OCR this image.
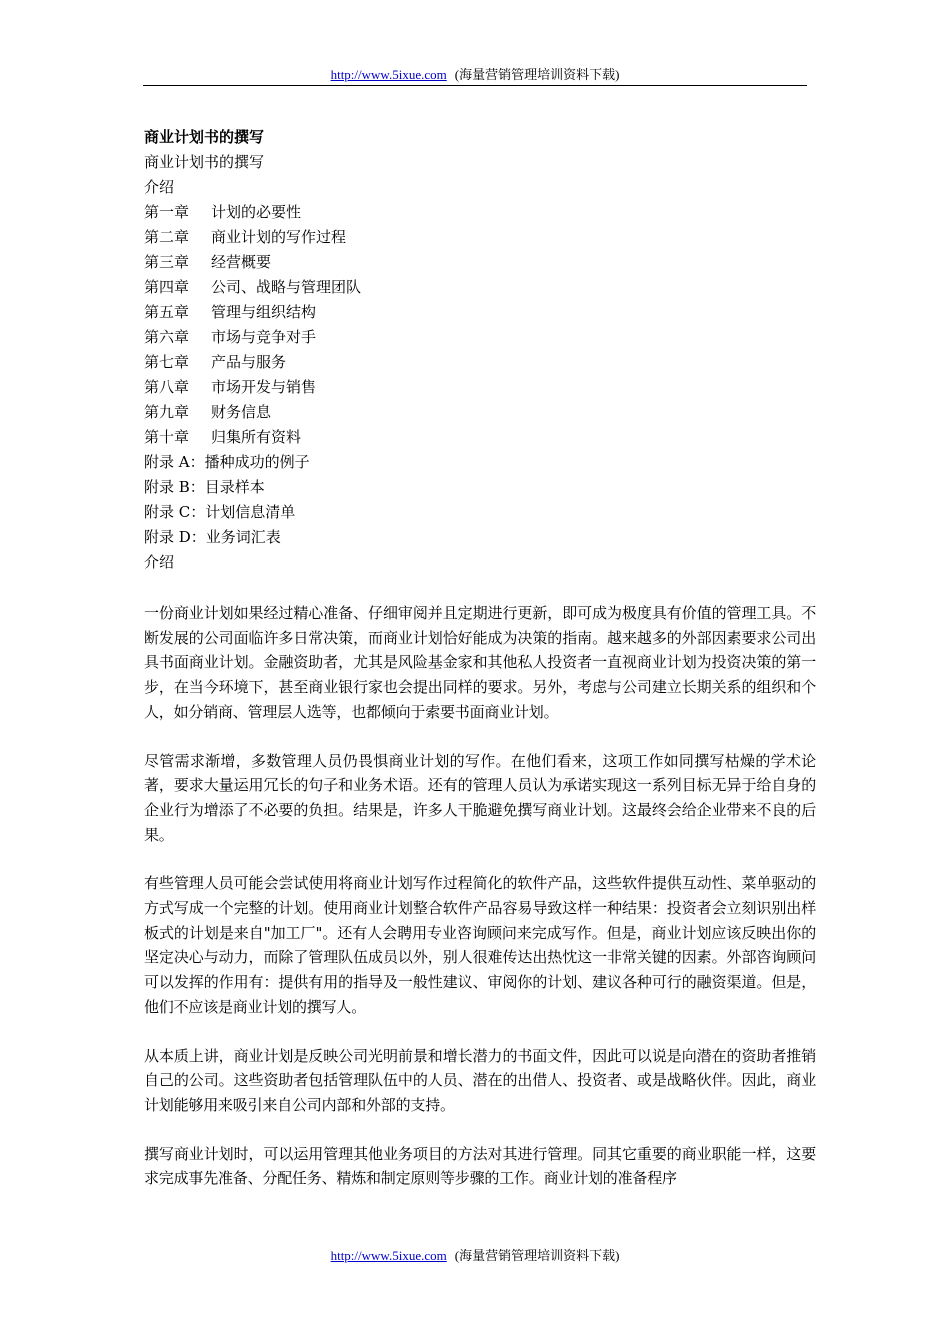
http://www.5ixue.com (海量营销管理培训资料下载)
商业计划书的撰写
商业计划书的撰写
介绍
第一章 计划的必要性
第二章 商业计划的写作过程
第三章 经营概要
第四章 公司、战略与管理团队
第五章 管理与组织结构
第六章 市场与竞争对手
第七章 产品与服务
第八章 市场开发与销售
第九章 财务信息
第十章 归集所有资料
附录 A：播种成功的例子
附录 B：目录样本
附录 C：计划信息清单
附录 D：业务词汇表
介绍

一份商业计划如果经过精心准备、仔细审阅并且定期进行更新，即可成为极度具有价值的管理工具。不断发展的公司面临许多日常决策，而商业计划恰好能成为决策的指南。越来越多的外部因素要求公司出具书面商业计划。金融资助者，尤其是风险基金家和其他私人投资者一直视商业计划为投资决策的第一步，在当今环境下，甚至商业银行家也会提出同样的要求。另外，考虑与公司建立长期关系的组织和个人，如分销商、管理层人选等，也都倾向于索要书面商业计划。

尽管需求渐增，多数管理人员仍畏惧商业计划的写作。在他们看来，这项工作如同撰写枯燥的学术论著，要求大量运用冗长的句子和业务术语。还有的管理人员认为承诺实现这一系列目标无异于给自身的企业行为增添了不必要的负担。结果是，许多人干脆避免撰写商业计划。这最终会给企业带来不良的后果。

有些管理人员可能会尝试使用将商业计划写作过程简化的软件产品，这些软件提供互动性、菜单驱动的方式写成一个完整的计划。使用商业计划整合软件产品容易导致这样一种结果：投资者会立刻识别出样板式的计划是来自"加工厂"。还有人会聘用专业咨询顾问来完成写作。但是，商业计划应该反映出你的坚定决心与动力，而除了管理队伍成员以外，别人很难传达出热忱这一非常关键的因素。外部咨询顾问可以发挥的作用有：提供有用的指导及一般性建议、审阅你的计划、建议各种可行的融资渠道。但是，他们不应该是商业计划的撰写人。

从本质上讲，商业计划是反映公司光明前景和增长潜力的书面文件，因此可以说是向潜在的资助者推销自己的公司。这些资助者包括管理队伍中的人员、潜在的出借人、投资者、或是战略伙伴。因此，商业计划能够用来吸引来自公司内部和外部的支持。

撰写商业计划时，可以运用管理其他业务项目的方法对其进行管理。同其它重要的商业职能一样，这要求完成事先准备、分配任务、精炼和制定原则等步骤的工作。商业计划的准备程序

http://www.5ixue.com (海量营销管理培训资料下载)
